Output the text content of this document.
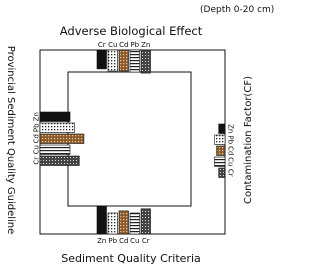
(Depth 0-20 cm)
Adverse Biological Effect
Sediment Quality Criteria
Provincial Sediment Quality Guideline	Contamination Factor(CF)
Cr Cu Cd Pb Zn
Zn Pb Cd Cu Cr
Zn
Pb
Cd
Cu
Cr
Zn
Pb
Cd
Cu
Cr
